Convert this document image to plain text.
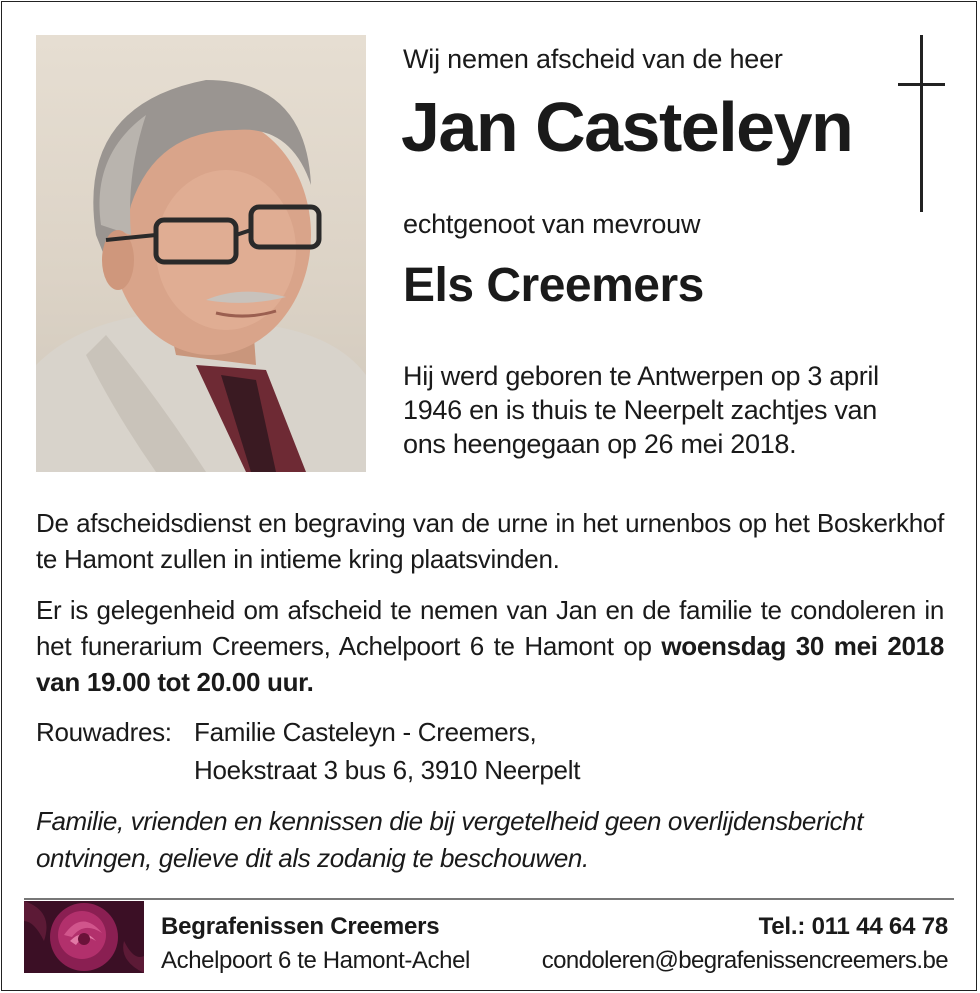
Wij nemen afscheid van de heer
Jan Casteleyn
echtgenoot van mevrouw
Els Creemers
Hij werd geboren te Antwerpen op 3 april
1946 en is thuis te Neerpelt zachtjes van
ons heengegaan op 26 mei 2018.
De afscheidsdienst en begraving van de urne in het urnenbos op het Boskerkhof te Hamont zullen in intieme kring plaatsvinden.
Er is gelegenheid om afscheid te nemen van Jan en de familie te condoleren in het funerarium Creemers, Achelpoort 6 te Hamont op woensdag 30 mei 2018 van 19.00 tot 20.00 uur.
Rouwadres: Familie Casteleyn - Creemers,
Hoekstraat 3 bus 6, 3910 Neerpelt
Familie, vrienden en kennissen die bij vergetelheid geen overlijdensbericht
ontvingen, gelieve dit als zodanig te beschouwen.
Begrafenissen Creemers
Achelpoort 6 te Hamont-Achel
Tel.: 011 44 64 78
condoleren@begrafenissencreemers.be
